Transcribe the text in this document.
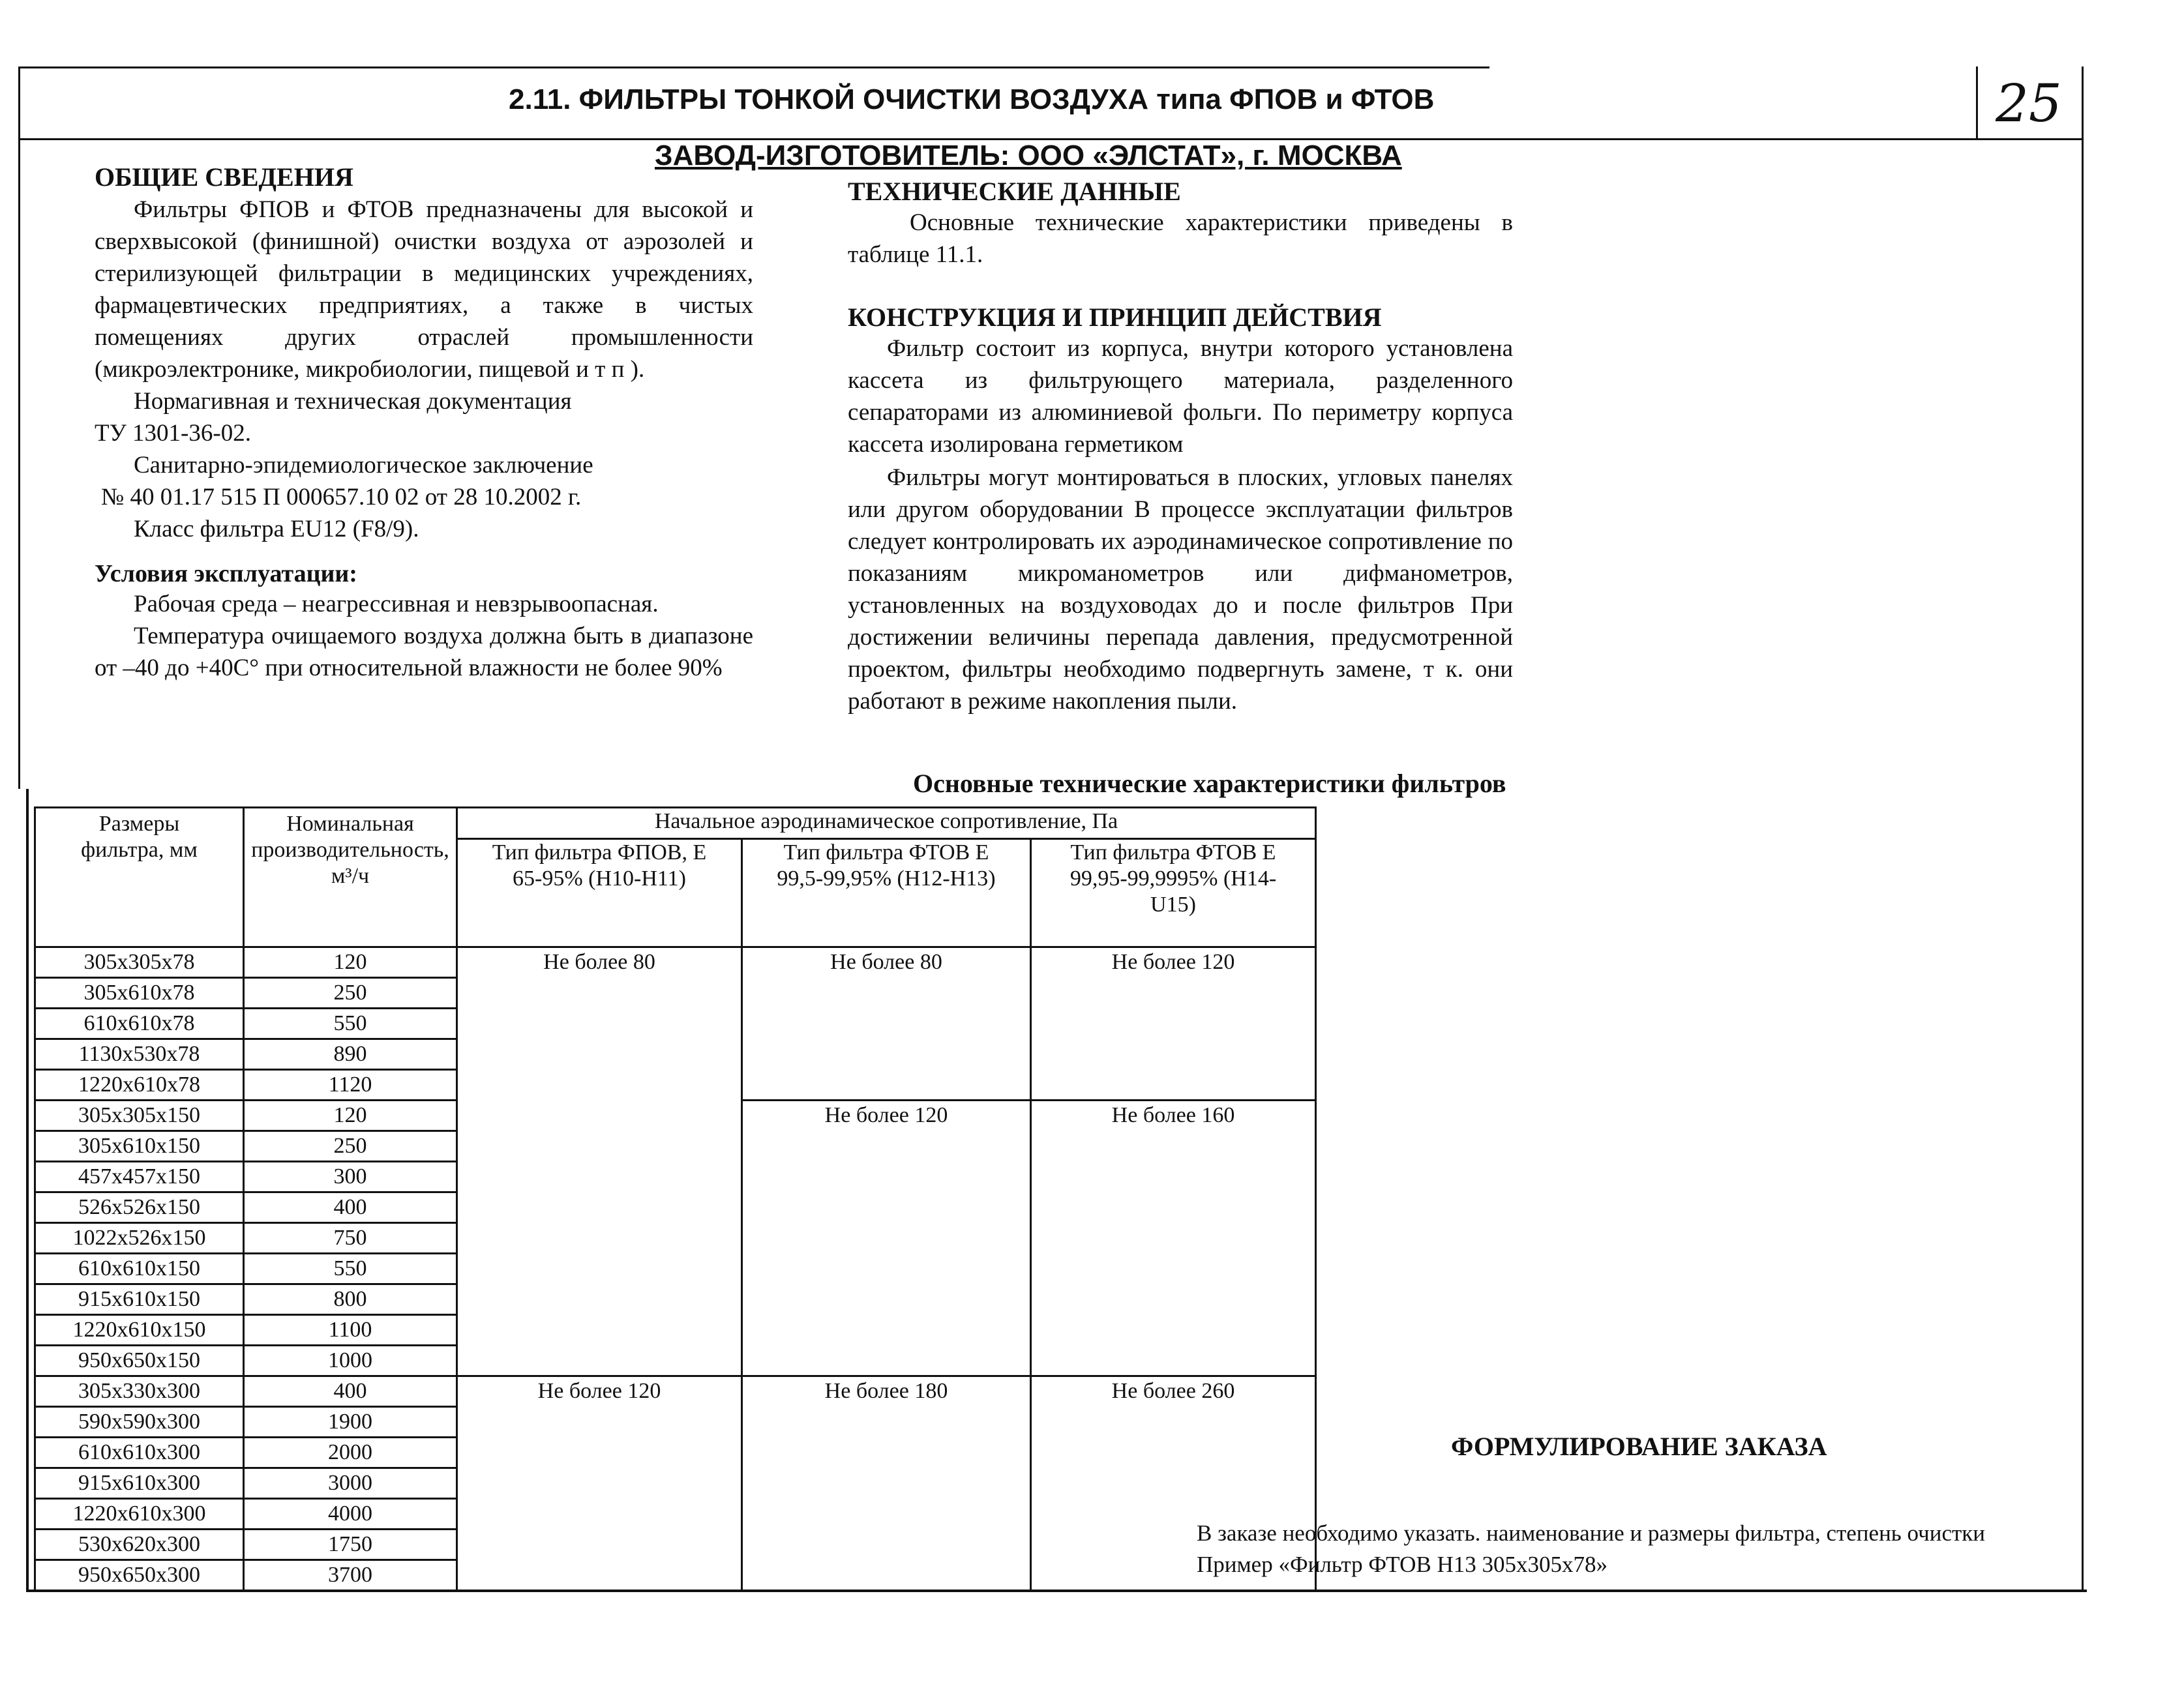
2.11. ФИЛЬТРЫ ТОНКОЙ ОЧИСТКИ ВОЗДУХА типа ФПОВ и ФТОВ	25
ЗАВОД-ИЗГОТОВИТЕЛЬ: ООО «ЭЛСТАТ», г. МОСКВА
ОБЩИЕ СВЕДЕНИЯ

Фильтры ФПОВ и ФТОВ предназначены для высокой и сверхвысокой (финишной) очистки воздуха от аэрозолей и стерилизующей фильтрации в медицинских учреждениях, фармацевтических предприятиях, а также в чистых помещениях других отраслей промышленности (микроэлектронике, микробиологии, пищевой и т п ).

Нормагивная и техническая документация

ТУ 1301-36-02.

Санитарно-эпидемиологическое заключение

№ 40 01.17 515 П 000657.10 02 от 28 10.2002 г.

Класс фильтра EU12 (F8/9).

Условия эксплуатации:

Рабочая среда – неагрессивная и невзрывоопасная.

Температура очищаемого воздуха должна быть в диапазоне от –40 до +40С° при относительной влажности не более 90%

ТЕХНИЧЕСКИЕ ДАННЫЕ

Основные технические характеристики приведены в таблице 11.1.

КОНСТРУКЦИЯ И ПРИНЦИП ДЕЙСТВИЯ

Фильтр состоит из корпуса, внутри которого установлена кассета из фильтрующего материала, разделенного сепараторами из алюминиевой фольги. По периметру корпуса кассета изолирована герметиком

Фильтры могут монтироваться в плоских, угловых панелях или другом оборудовании В процессе эксплуатации фильтров следует контролировать их аэродинамическое сопротивление по показаниям микроманометров или дифманометров, установленных на воздуховодах до и после фильтров При достижении величины перепада давления, предусмотренной проектом, фильтры необходимо подвергнуть замене, т к. они работают в режиме накопления пыли.

Основные технические характеристики фильтров
Размеры фильтра, мм	Номинальная производительность, м³/ч	Начальное аэродинамическое сопротивление, Па		
		Тип фильтра ФПОВ, Е 65-95% (Н10-Н11)	Тип фильтра ФТОВ Е 99,5-99,95% (Н12-Н13)	Тип фильтра ФТОВ Е 99,95-99,9995% (Н14-U15)
305x305x78	120	Не более 80	Не более 80	Не более 120
305x610x78	250			
610x610x78	550			
1130x530x78	890			
1220x610x78	1120			
305x305x150	120		Не более 120	Не более 160
305x610x150	250			
457x457x150	300			
526x526x150	400			
1022x526x150	750			
610x610x150	550			
915x610x150	800			
1220x610x150	1100			
950x650x150	1000			
305x330x300	400	Не более 120	Не более 180	Не более 260
590x590x300	1900			
610x610x300	2000			
915x610x300	3000			
1220x610x300	4000			
530x620x300	1750			
950x650x300	3700			
ФОРМУЛИРОВАНИЕ ЗАКАЗА
В заказе необходимо указать. наименование и размеры фильтра, степень очистки
Пример «Фильтр ФТОВ Н13 305х305х78»
